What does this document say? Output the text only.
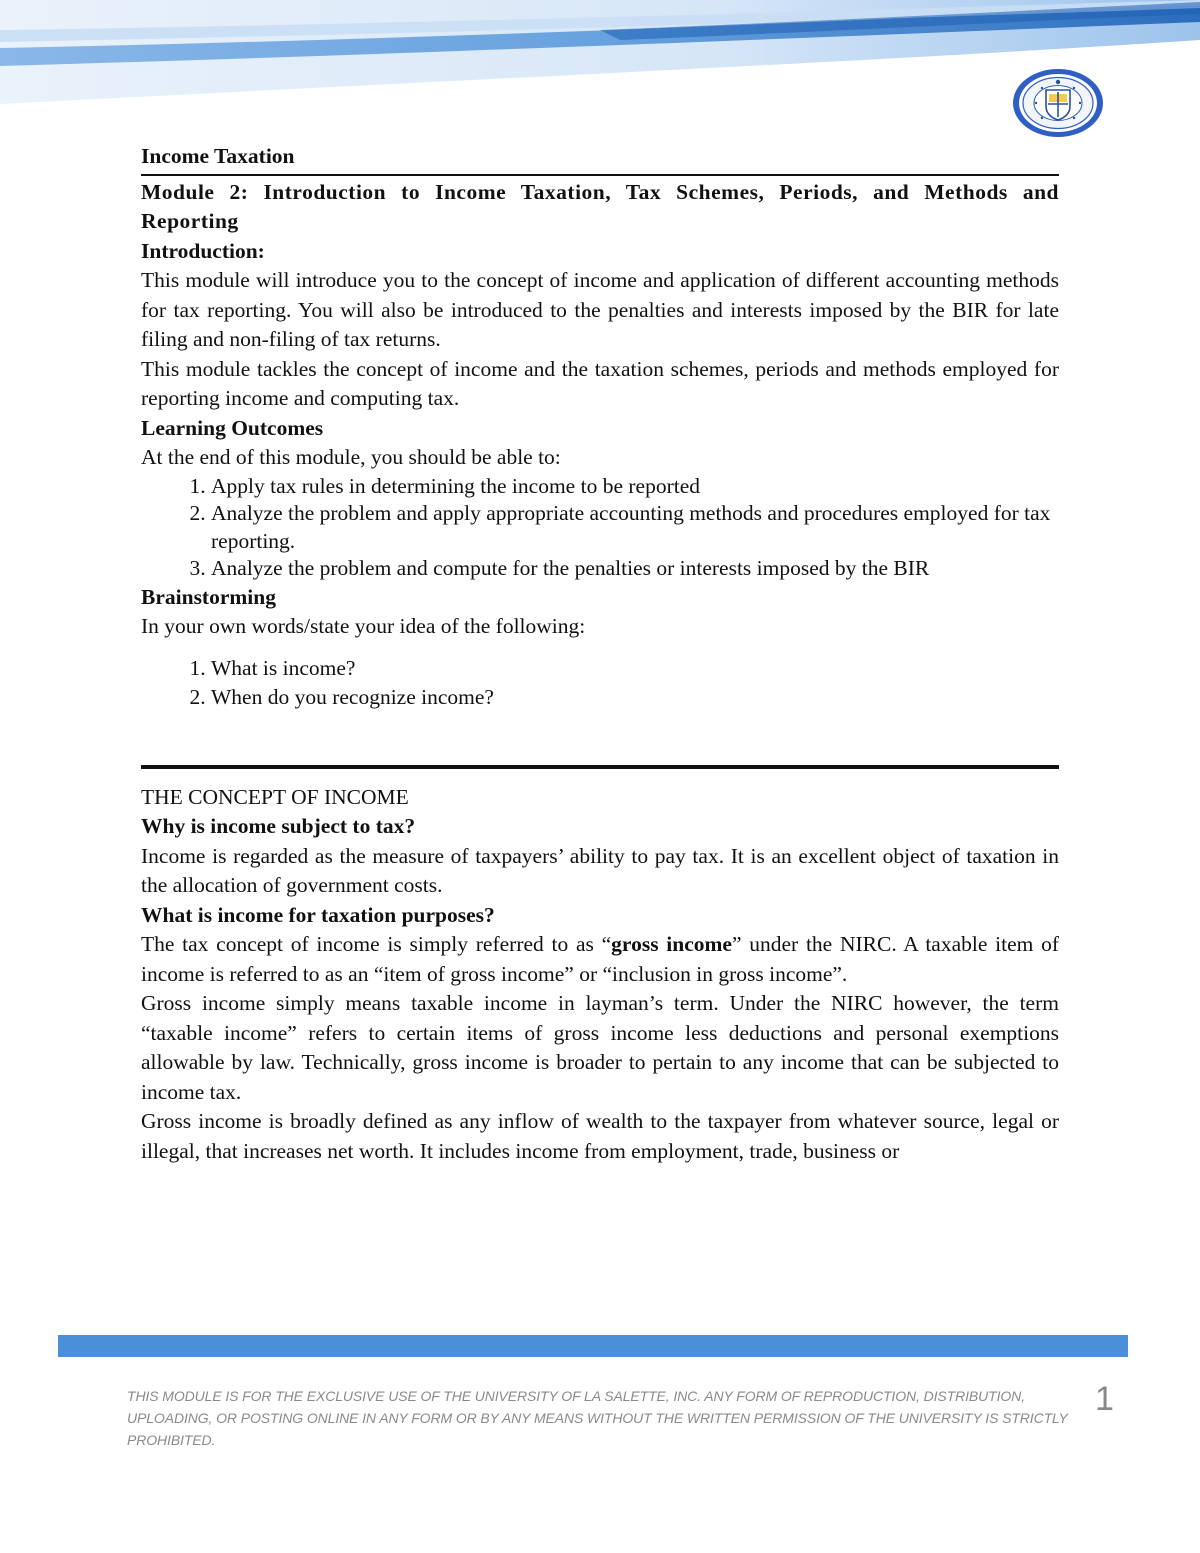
Income Taxation

Module 2: Introduction to Income Taxation, Tax Schemes, Periods, and Methods and Reporting

Introduction:

This module will introduce you to the concept of income and application of different accounting methods for tax reporting. You will also be introduced to the penalties and interests imposed by the BIR for late filing and non-filing of tax returns.

This module tackles the concept of income and the taxation schemes, periods and methods employed for reporting income and computing tax.

Learning Outcomes

At the end of this module, you should be able to:

1. Apply tax rules in determining the income to be reported
2. Analyze the problem and apply appropriate accounting methods and procedures employed for tax reporting.
3. Analyze the problem and compute for the penalties or interests imposed by the BIR

Brainstorming

In your own words/state your idea of the following:

1. What is income?
2. When do you recognize income?

THE CONCEPT OF INCOME

Why is income subject to tax?

Income is regarded as the measure of taxpayers’ ability to pay tax. It is an excellent object of taxation in the allocation of government costs.

What is income for taxation purposes?

The tax concept of income is simply referred to as “gross income” under the NIRC. A taxable item of income is referred to as an “item of gross income” or “inclusion in gross income”.

Gross income simply means taxable income in layman’s term. Under the NIRC however, the term “taxable income” refers to certain items of gross income less deductions and personal exemptions allowable by law. Technically, gross income is broader to pertain to any income that can be subjected to income tax.

Gross income is broadly defined as any inflow of wealth to the taxpayer from whatever source, legal or illegal, that increases net worth. It includes income from employment, trade, business or

THIS MODULE IS FOR THE EXCLUSIVE USE OF THE UNIVERSITY OF LA SALETTE, INC. ANY FORM OF REPRODUCTION, DISTRIBUTION, UPLOADING, OR POSTING ONLINE IN ANY FORM OR BY ANY MEANS WITHOUT THE WRITTEN PERMISSION OF THE UNIVERSITY IS STRICTLY PROHIBITED.

1
